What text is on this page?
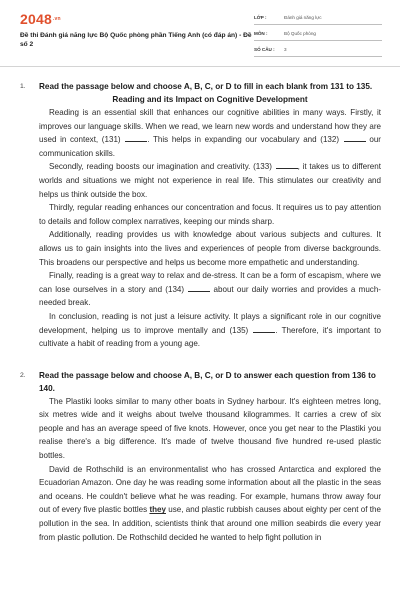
$2048^{.vn}$
Đề thi Đánh giá năng lực Bộ Quốc phòng phần Tiếng Anh (có đáp án) - Đề số 2
LỚP :	Đánh giá năng lực
MÔN :	Bộ Quốc phòng
SỐ CÂU : 3
1. Read the passage below and choose A, B, C, or D to fill in each blank from 131 to 135.
Reading and its Impact on Cognitive Development

Reading is an essential skill that enhances our cognitive abilities in many ways. Firstly, it improves our language skills. When we read, we learn new words and understand how they are used in context, (131)	. This helps in expanding our vocabulary and (132)	our communication skills.

Secondly, reading boosts our imagination and creativity. (133)	, it takes us to different worlds and situations we might not experience in real life. This stimulates our creativity and helps us think outside the box.

Thirdly, regular reading enhances our concentration and focus. It requires us to pay attention to details and follow complex narratives, keeping our minds sharp.

Additionally, reading provides us with knowledge about various subjects and cultures. It allows us to gain insights into the lives and experiences of people from diverse backgrounds. This broadens our perspective and helps us become more empathetic and understanding.

Finally, reading is a great way to relax and de-stress. It can be a form of escapism, where we can lose ourselves in a story and (134)	about our daily worries and provides a much-needed break.

In conclusion, reading is not just a leisure activity. It plays a significant role in our cognitive development, helping us to improve mentally and (135)	. Therefore, it's important to cultivate a habit of reading from a young age.

2. Read the passage below and choose A, B, C, or D to answer each question from 136 to 140.

The Plastiki looks similar to many other boats in Sydney harbour. It's eighteen metres long, six metres wide and it weighs about twelve thousand kilogrammes. It carries a crew of six people and has an average speed of five knots. However, once you get near to the Plastiki you realise there's a big difference. It's made of twelve thousand five hundred re-used plastic bottles.

David de Rothschild is an environmentalist who has crossed Antarctica and explored the Ecuadorian Amazon. One day he was reading some information about all the plastic in the seas and oceans. He couldn't believe what he was reading. For example, humans throw away four out of every five plastic bottles they use, and plastic rubbish causes about eighty per cent of the pollution in the sea. In addition, scientists think that around one million seabirds die every year from plastic pollution. De Rothschild decided he wanted to help fight pollution in
